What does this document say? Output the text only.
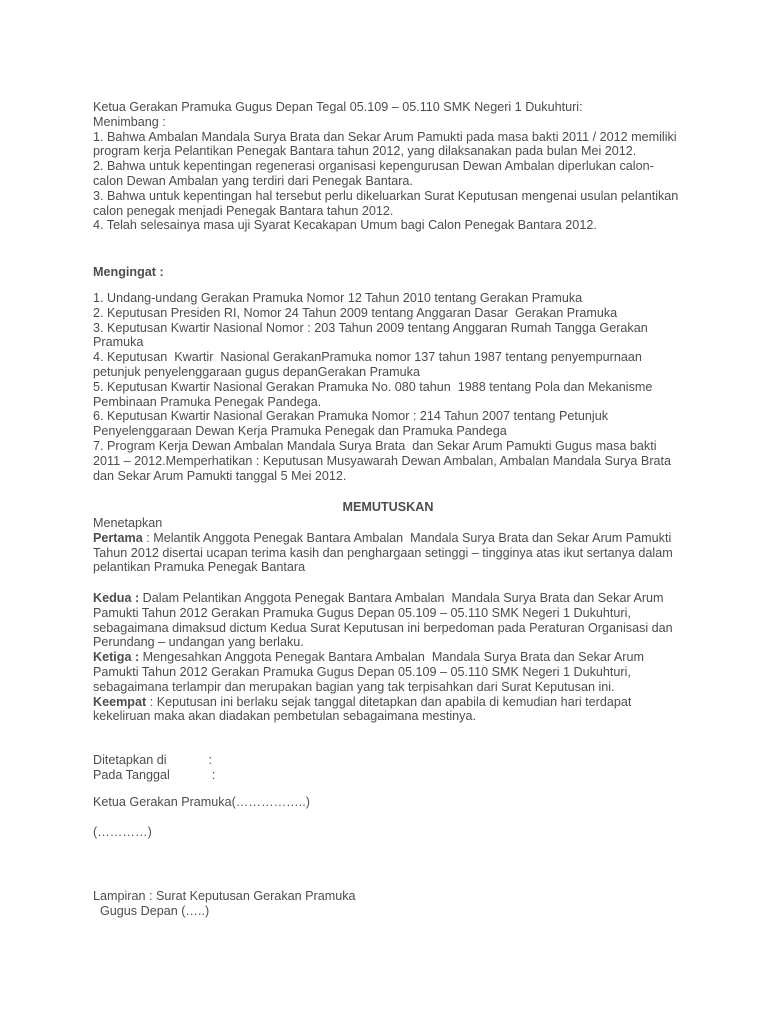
Ketua Gerakan Pramuka Gugus Depan Tegal 05.109 – 05.110 SMK Negeri 1 Dukuhturi:

Menimbang :

1. Bahwa Ambalan Mandala Surya Brata dan Sekar Arum Pamukti pada masa bakti 2011 / 2012 memiliki program kerja Pelantikan Penegak Bantara tahun 2012, yang dilaksanakan pada bulan Mei 2012.

2. Bahwa untuk kepentingan regenerasi organisasi kepengurusan Dewan Ambalan diperlukan calon-calon Dewan Ambalan yang terdiri dari Penegak Bantara.

3. Bahwa untuk kepentingan hal tersebut perlu dikeluarkan Surat Keputusan mengenai usulan pelantikan calon penegak menjadi Penegak Bantara tahun 2012.

4. Telah selesainya masa uji Syarat Kecakapan Umum bagi Calon Penegak Bantara 2012.

Mengingat :

1. Undang-undang Gerakan Pramuka Nomor 12 Tahun 2010 tentang Gerakan Pramuka

2. Keputusan Presiden RI, Nomor 24 Tahun 2009 tentang Anggaran Dasar  Gerakan Pramuka

3. Keputusan Kwartir Nasional Nomor : 203 Tahun 2009 tentang Anggaran Rumah Tangga Gerakan Pramuka

4. Keputusan  Kwartir  Nasional GerakanPramuka nomor 137 tahun 1987 tentang penyempurnaan petunjuk penyelenggaraan gugus depanGerakan Pramuka

5. Keputusan Kwartir Nasional Gerakan Pramuka No. 080 tahun  1988 tentang Pola dan Mekanisme Pembinaan Pramuka Penegak Pandega.

6. Keputusan Kwartir Nasional Gerakan Pramuka Nomor : 214 Tahun 2007 tentang Petunjuk Penyelenggaraan Dewan Kerja Pramuka Penegak dan Pramuka Pandega

7. Program Kerja Dewan Ambalan Mandala Surya Brata  dan Sekar Arum Pamukti Gugus masa bakti 2011 – 2012.Memperhatikan : Keputusan Musyawarah Dewan Ambalan, Ambalan Mandala Surya Brata dan Sekar Arum Pamukti tanggal 5 Mei 2012.

MEMUTUSKAN

Menetapkan

Pertama : Melantik Anggota Penegak Bantara Ambalan  Mandala Surya Brata dan Sekar Arum Pamukti Tahun 2012 disertai ucapan terima kasih dan penghargaan setinggi – tingginya atas ikut sertanya dalam pelantikan Pramuka Penegak Bantara

Kedua : Dalam Pelantikan Anggota Penegak Bantara Ambalan  Mandala Surya Brata dan Sekar Arum Pamukti Tahun 2012 Gerakan Pramuka Gugus Depan 05.109 – 05.110 SMK Negeri 1 Dukuhturi, sebagaimana dimaksud dictum Kedua Surat Keputusan ini berpedoman pada Peraturan Organisasi dan Perundang – undangan yang berlaku.

Ketiga : Mengesahkan Anggota Penegak Bantara Ambalan  Mandala Surya Brata dan Sekar Arum Pamukti Tahun 2012 Gerakan Pramuka Gugus Depan 05.109 – 05.110 SMK Negeri 1 Dukuhturi, sebagaimana terlampir dan merupakan bagian yang tak terpisahkan dari Surat Keputusan ini.

Keempat : Keputusan ini berlaku sejak tanggal ditetapkan dan apabila di kemudian hari terdapat kekeliruan maka akan diadakan pembetulan sebagaimana mestinya.

Ditetapkan di            :

Pada Tanggal            :

Ketua Gerakan Pramuka(……………..)
(…………)

Lampiran : Surat Keputusan Gerakan Pramuka

Gugus Depan (…..)
